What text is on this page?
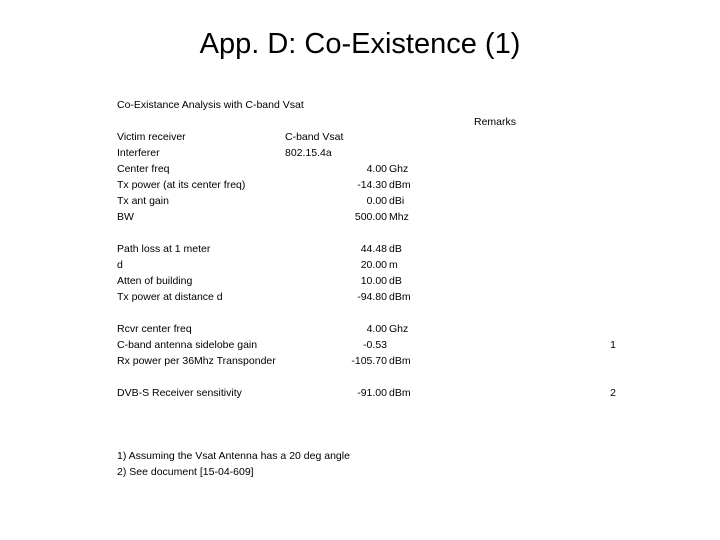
App. D: Co-Existence (1)
Co-Existance Analysis with C-band Vsat
Remarks
Victim receiver	C-band Vsat
Interferer	802.15.4a
Center freq	4.00 Ghz
Tx power (at its center freq)	-14.30 dBm
Tx ant gain	0.00 dBi
BW	500.00 Mhz
Path loss at 1 meter	44.48 dB
d	20.00 m
Atten of building	10.00 dB
Tx power at distance d	-94.80 dBm
Rcvr center freq	4.00 Ghz
C-band antenna sidelobe gain	-0.53	1
Rx power per 36Mhz Transponder	-105.70 dBm
DVB-S Receiver sensitivity	-91.00 dBm	2
1) Assuming the Vsat Antenna has a 20 deg angle
2) See document [15-04-609]
